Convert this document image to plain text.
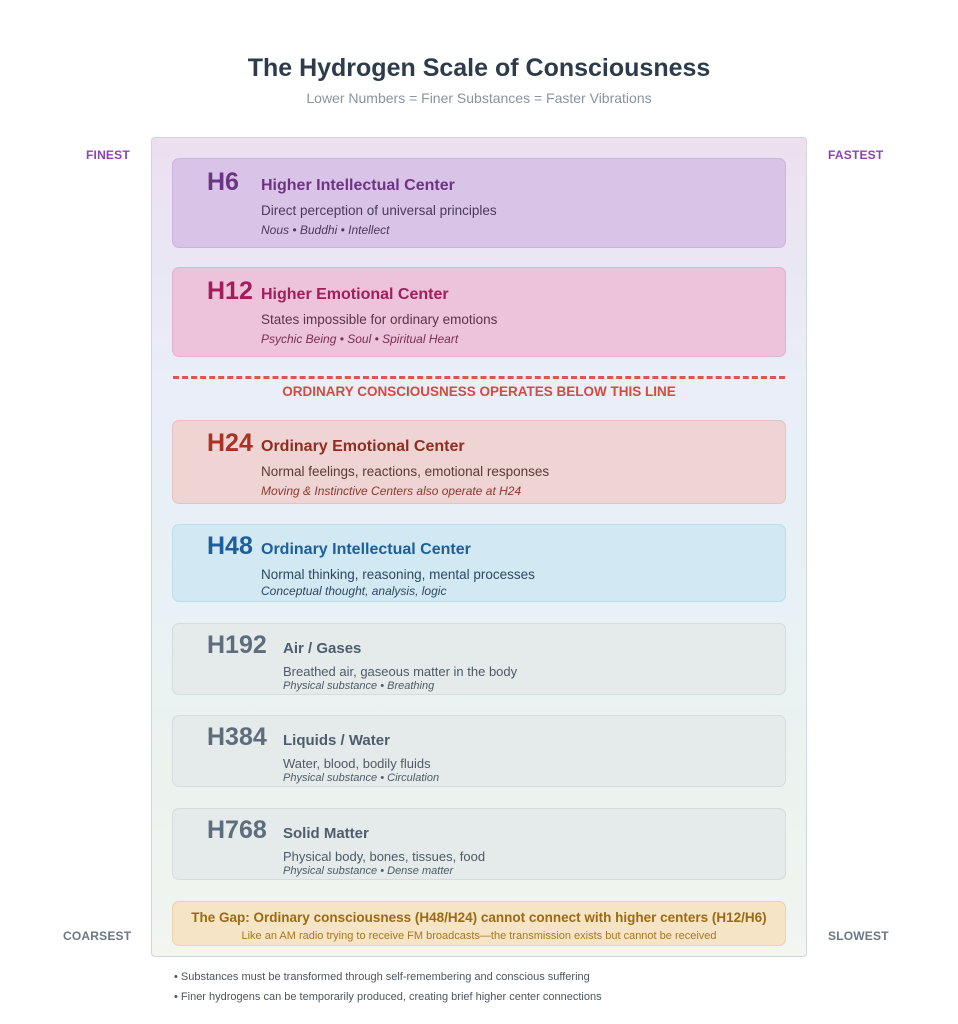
The Hydrogen Scale of Consciousness
Lower Numbers = Finer Substances = Faster Vibrations
FINEST	FASTEST
COARSEST	SLOWEST
H6 Higher Intellectual Center
Direct perception of universal principles
Nous • Buddhi • Intellect
H12 Higher Emotional Center
States impossible for ordinary emotions
Psychic Being • Soul • Spiritual Heart
ORDINARY CONSCIOUSNESS OPERATES BELOW THIS LINE
H24 Ordinary Emotional Center
Normal feelings, reactions, emotional responses
Moving & Instinctive Centers also operate at H24
H48 Ordinary Intellectual Center
Normal thinking, reasoning, mental processes
Conceptual thought, analysis, logic
H192 Air / Gases
Breathed air, gaseous matter in the body
Physical substance • Breathing
H384 Liquids / Water
Water, blood, bodily fluids
Physical substance • Circulation
H768 Solid Matter
Physical body, bones, tissues, food
Physical substance • Dense matter
The Gap: Ordinary consciousness (H48/H24) cannot connect with higher centers (H12/H6)
Like an AM radio trying to receive FM broadcasts—the transmission exists but cannot be received
• Substances must be transformed through self-remembering and conscious suffering
• Finer hydrogens can be temporarily produced, creating brief higher center connections
